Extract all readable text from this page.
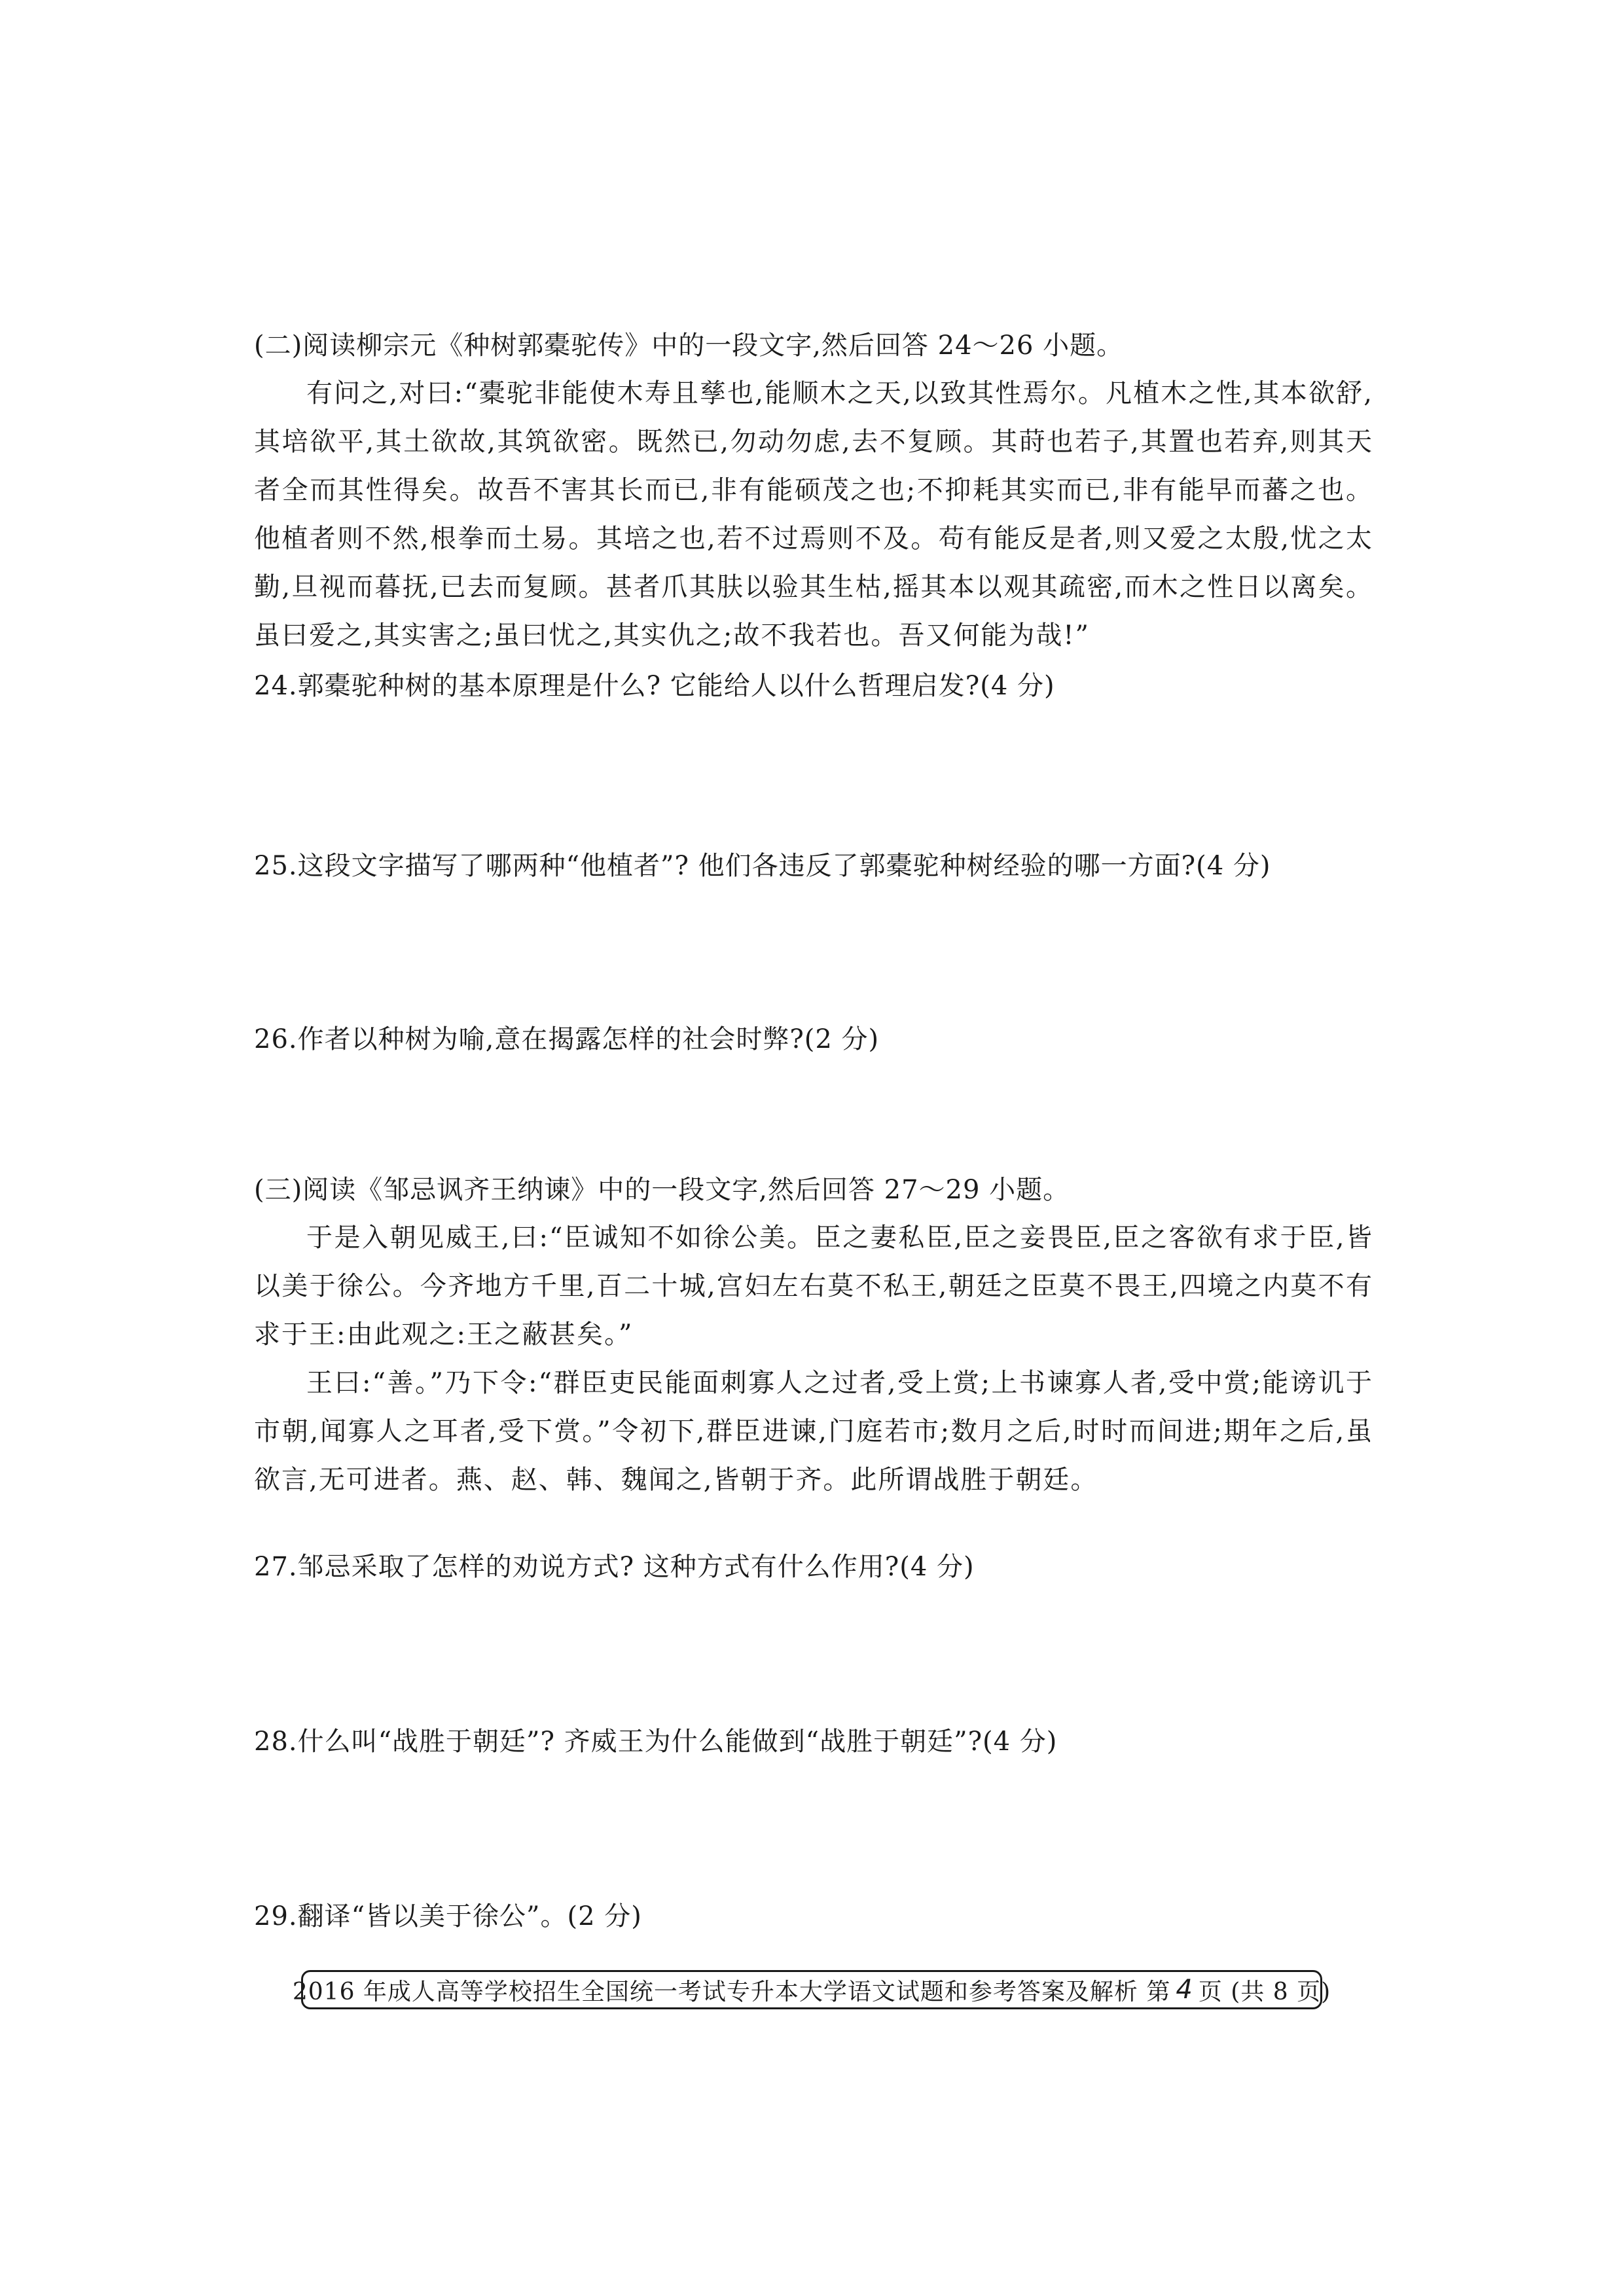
(二)阅读柳宗元《种树郭橐驼传》中的一段文字,然后回答 24～26 小题。

有问之,对曰:“橐驼非能使木寿且孳也,能顺木之天,以致其性焉尔。凡植木之性,其本欲舒,其培欲平,其土欲故,其筑欲密。既然已,勿动勿虑,去不复顾。其莳也若子,其置也若弃,则其天者全而其性得矣。故吾不害其长而已,非有能硕茂之也;不抑耗其实而已,非有能早而蕃之也。他植者则不然,根拳而土易。其培之也,若不过焉则不及。苟有能反是者,则又爱之太殷,忧之太勤,旦视而暮抚,已去而复顾。甚者爪其肤以验其生枯,摇其本以观其疏密,而木之性日以离矣。虽曰爱之,其实害之;虽曰忧之,其实仇之;故不我若也。吾又何能为哉!”

24.郭橐驼种树的基本原理是什么? 它能给人以什么哲理启发?(4 分)

25.这段文字描写了哪两种“他植者”? 他们各违反了郭橐驼种树经验的哪一方面?(4 分)

26.作者以种树为喻,意在揭露怎样的社会时弊?(2 分)

(三)阅读《邹忌讽齐王纳谏》中的一段文字,然后回答 27～29 小题。

于是入朝见威王,曰:“臣诚知不如徐公美。臣之妻私臣,臣之妾畏臣,臣之客欲有求于臣,皆以美于徐公。今齐地方千里,百二十城,宫妇左右莫不私王,朝廷之臣莫不畏王,四境之内莫不有求于王:由此观之:王之蔽甚矣。”

王曰:“善。”乃下令:“群臣吏民能面刺寡人之过者,受上赏;上书谏寡人者,受中赏;能谤讥于市朝,闻寡人之耳者,受下赏。”令初下,群臣进谏,门庭若市;数月之后,时时而间进;期年之后,虽欲言,无可进者。燕、赵、韩、魏闻之,皆朝于齐。此所谓战胜于朝廷。

27.邹忌采取了怎样的劝说方式? 这种方式有什么作用?(4 分)

28.什么叫“战胜于朝廷”? 齐威王为什么能做到“战胜于朝廷”?(4 分)

29.翻译“皆以美于徐公”。(2 分)

2016 年成人高等学校招生全国统一考试专升本大学语文试题和参考答案及解析 第 4 页 (共 8 页)
